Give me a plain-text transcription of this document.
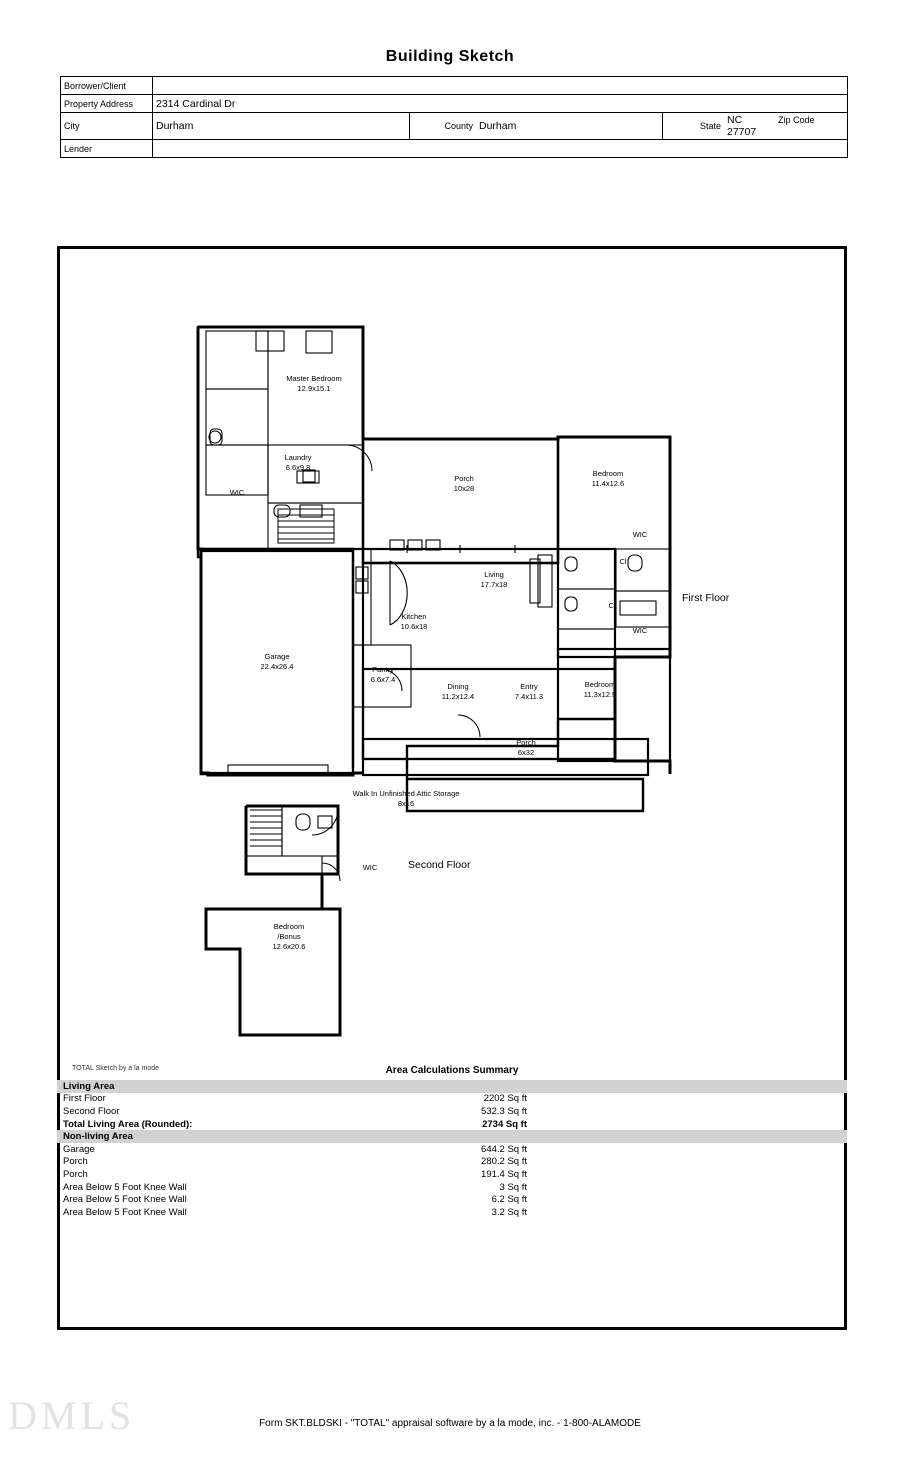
Building Sketch
Borrower/Client					
Property Address	2314 Cardinal Dr				
City	Durham	County	Durham	State	NC Zip Code  27707
Lender					
Master Bedroom
12.9x15.1
Laundry
6.6x9.8
WIC
Porch
10x28
Bedroom
11.4x12.6
WIC
Cl
Cl
WIC
Living
17.7x18
Kitchen
10.6x18
Pantry
6.6x7.4
Garage
22.4x26.4
Dining
11.2x12.4
Entry
7.4x11.3
Bedroom
11.3x12.5
Porch
6x32
Walk In Unfinished Attic Storage
8x16
WIC
Bedroom
/Bonus
12.6x20.6
First Floor
Second Floor
TOTAL Sketch by a la mode	Area Calculations Summary
Living Area	
First Floor	2202 Sq ft
Second Floor	532.3 Sq ft
Total Living Area (Rounded):	2734 Sq ft
Non-living Area	
Garage	644.2 Sq ft
Porch	280.2 Sq ft
Porch	191.4 Sq ft
Area Below 5 Foot Knee Wall	3 Sq ft
Area Below 5 Foot Knee Wall	6.2 Sq ft
Area Below 5 Foot Knee Wall	3.2 Sq ft
DMLS	Form SKT.BLDSKI - "TOTAL" appraisal software by a la mode, inc. - 1-800-ALAMODE
